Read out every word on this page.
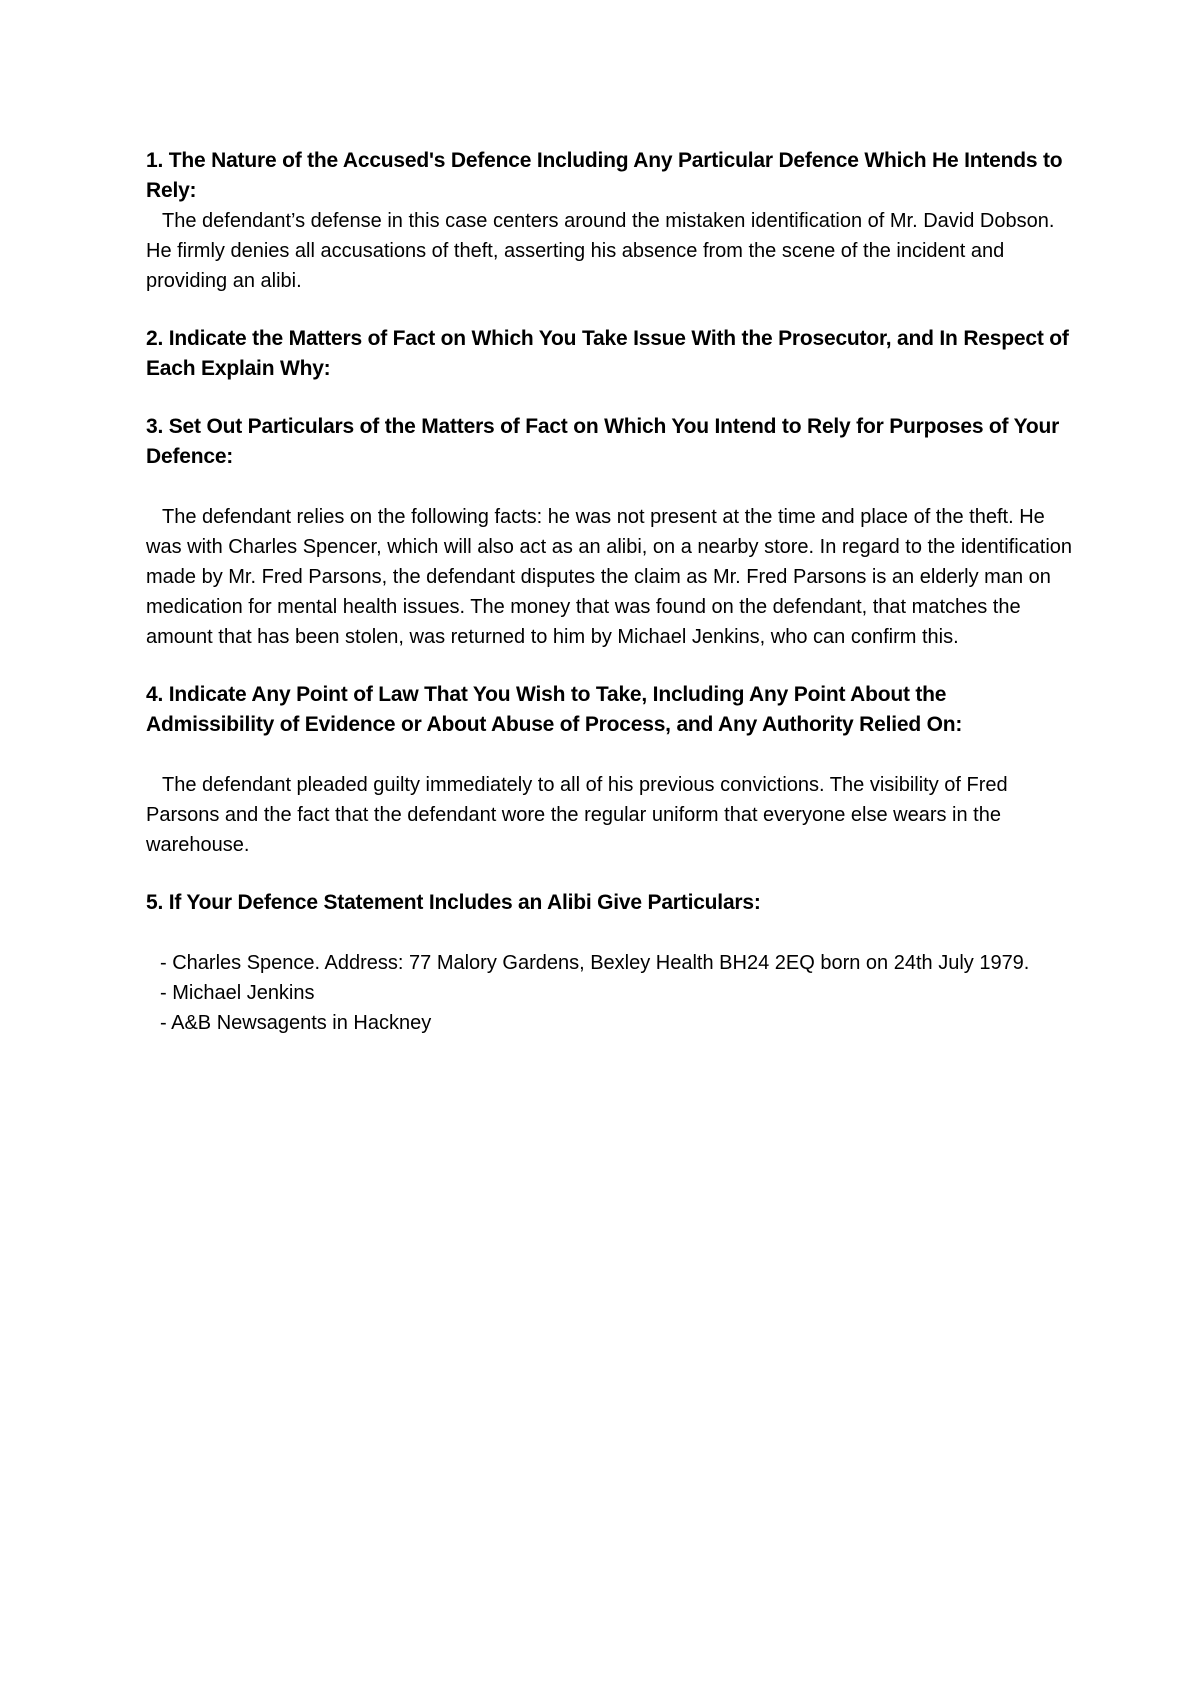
1. The Nature of the Accused's Defence Including Any Particular Defence Which He Intends to Rely:

The defendant’s defense in this case centers around the mistaken identification of Mr. David Dobson. He firmly denies all accusations of theft, asserting his absence from the scene of the incident and providing an alibi.

2. Indicate the Matters of Fact on Which You Take Issue With the Prosecutor, and In Respect of Each Explain Why:

3. Set Out Particulars of the Matters of Fact on Which You Intend to Rely for Purposes of Your Defence:

The defendant relies on the following facts: he was not present at the time and place of the theft. He was with Charles Spencer, which will also act as an alibi, on a nearby store. In regard to the identification made by Mr. Fred Parsons, the defendant disputes the claim as Mr. Fred Parsons is an elderly man on medication for mental health issues. The money that was found on the defendant, that matches the amount that has been stolen, was returned to him by Michael Jenkins, who can confirm this.

4. Indicate Any Point of Law That You Wish to Take, Including Any Point About the Admissibility of Evidence or About Abuse of Process, and Any Authority Relied On:

The defendant pleaded guilty immediately to all of his previous convictions. The visibility of Fred Parsons and the fact that the defendant wore the regular uniform that everyone else wears in the warehouse.

5. If Your Defence Statement Includes an Alibi Give Particulars:

- Charles Spence. Address: 77 Malory Gardens, Bexley Health BH24 2EQ born on 24th July 1979.
- Michael Jenkins
- A&B Newsagents in Hackney
